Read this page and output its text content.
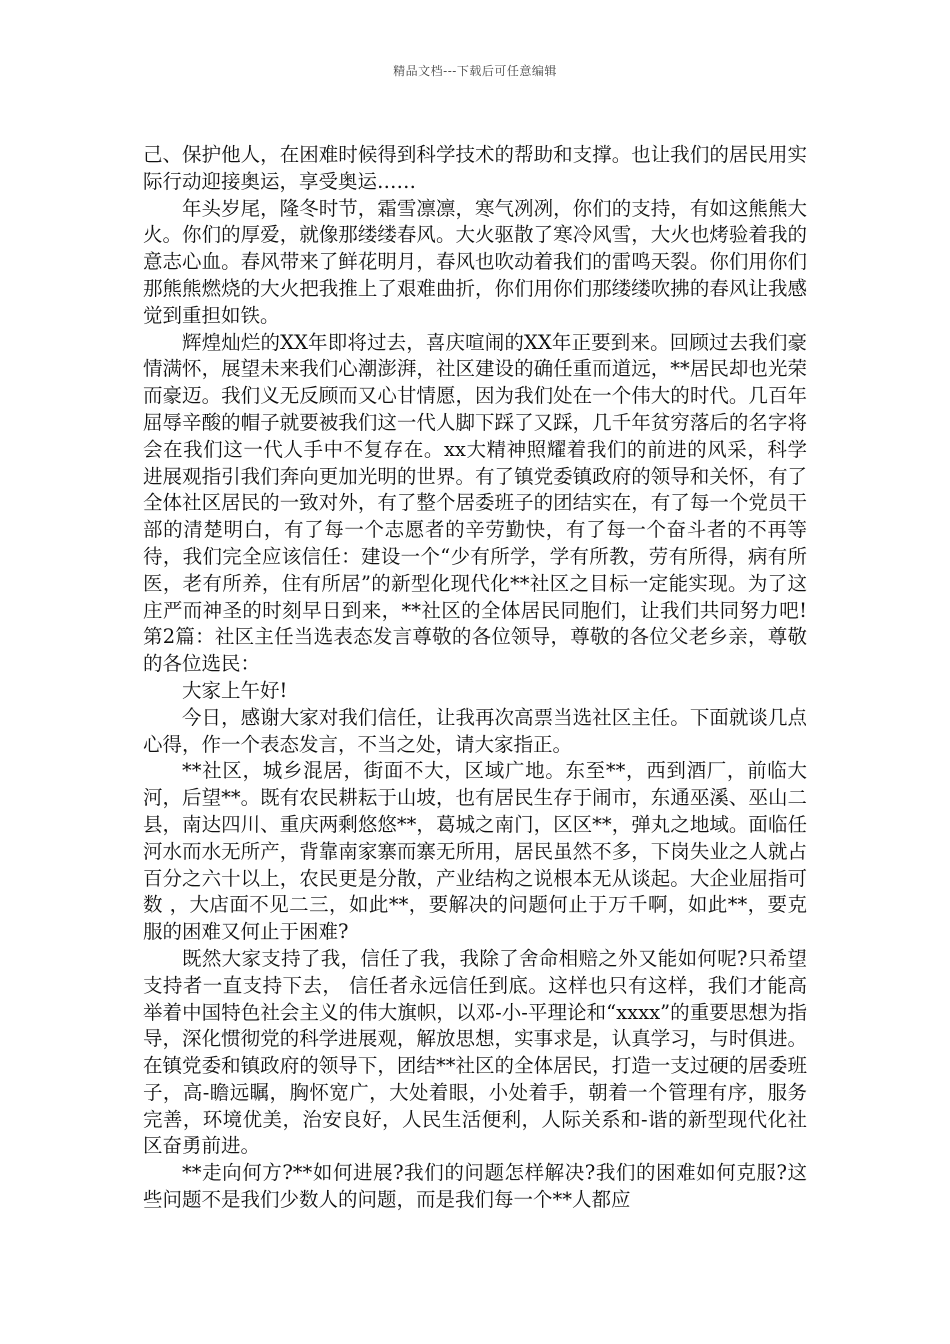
精品文档---下载后可任意编辑

己、保护他人，在困难时候得到科学技术的帮助和支撑。也让我们的居民用实际行动迎接奥运，享受奥运……

年头岁尾，隆冬时节，霜雪凛凛，寒气冽冽，你们的支持，有如这熊熊大火。你们的厚爱，就像那缕缕春风。大火驱散了寒冷风雪，大火也烤验着我的意志心血。春风带来了鲜花明月，春风也吹动着我们的雷鸣天裂。你们用你们那熊熊燃烧的大火把我推上了艰难曲折，你们用你们那缕缕吹拂的春风让我感觉到重担如铁。

辉煌灿烂的XX年即将过去，喜庆喧闹的XX年正要到来。回顾过去我们豪情满怀，展望未来我们心潮澎湃，社区建设的确任重而道远，**居民却也光荣而豪迈。我们义无反顾而又心甘情愿，因为我们处在一个伟大的时代。几百年屈辱辛酸的帽子就要被我们这一代人脚下踩了又踩，几千年贫穷落后的名字将会在我们这一代人手中不复存在。xx大精神照耀着我们的前进的风采，科学进展观指引我们奔向更加光明的世界。有了镇党委镇政府的领导和关怀，有了全体社区居民的一致对外，有了整个居委班子的团结实在，有了每一个党员干部的清楚明白，有了每一个志愿者的辛劳勤快，有了每一个奋斗者的不再等待，我们完全应该信任：建设一个“少有所学，学有所教，劳有所得，病有所医，老有所养，住有所居”的新型化现代化**社区之目标一定能实现。为了这庄严而神圣的时刻早日到来，**社区的全体居民同胞们，让我们共同努力吧!第2篇：社区主任当选表态发言尊敬的各位领导，尊敬的各位父老乡亲，尊敬的各位选民：

大家上午好!

今日，感谢大家对我们信任，让我再次高票当选社区主任。下面就谈几点心得，作一个表态发言，不当之处，请大家指正。

**社区，城乡混居，街面不大，区域广地。东至**，西到酒厂，前临大河，后望**。既有农民耕耘于山坡，也有居民生存于闹市，东通巫溪、巫山二县，南达四川、重庆两剩悠悠**，葛城之南门，区区**，弹丸之地域。面临任河水而水无所产，背靠南家寨而寨无所用，居民虽然不多，下岗失业之人就占百分之六十以上，农民更是分散，产业结构之说根本无从谈起。大企业屈指可数 ，大店面不见二三，如此**，要解决的问题何止于万千啊，如此**，要克服的困难又何止于困难?

既然大家支持了我，信任了我，我除了舍命相赔之外又能如何呢?只希望支持者一直支持下去， 信任者永远信任到底。这样也只有这样，我们才能高举着中国特色社会主义的伟大旗帜，以邓-小-平理论和“xxxx”的重要思想为指导，深化惯彻党的科学进展观，解放思想，实事求是，认真学习，与时俱进。在镇党委和镇政府的领导下，团结**社区的全体居民，打造一支过硬的居委班子，高-瞻远瞩，胸怀宽广，大处着眼，小处着手，朝着一个管理有序，服务完善，环境优美，治安良好，人民生活便利，人际关系和-谐的新型现代化社区奋勇前进。

**走向何方?**如何进展?我们的问题怎样解决?我们的困难如何克服?这些问题不是我们少数人的问题，而是我们每一个**人都应
